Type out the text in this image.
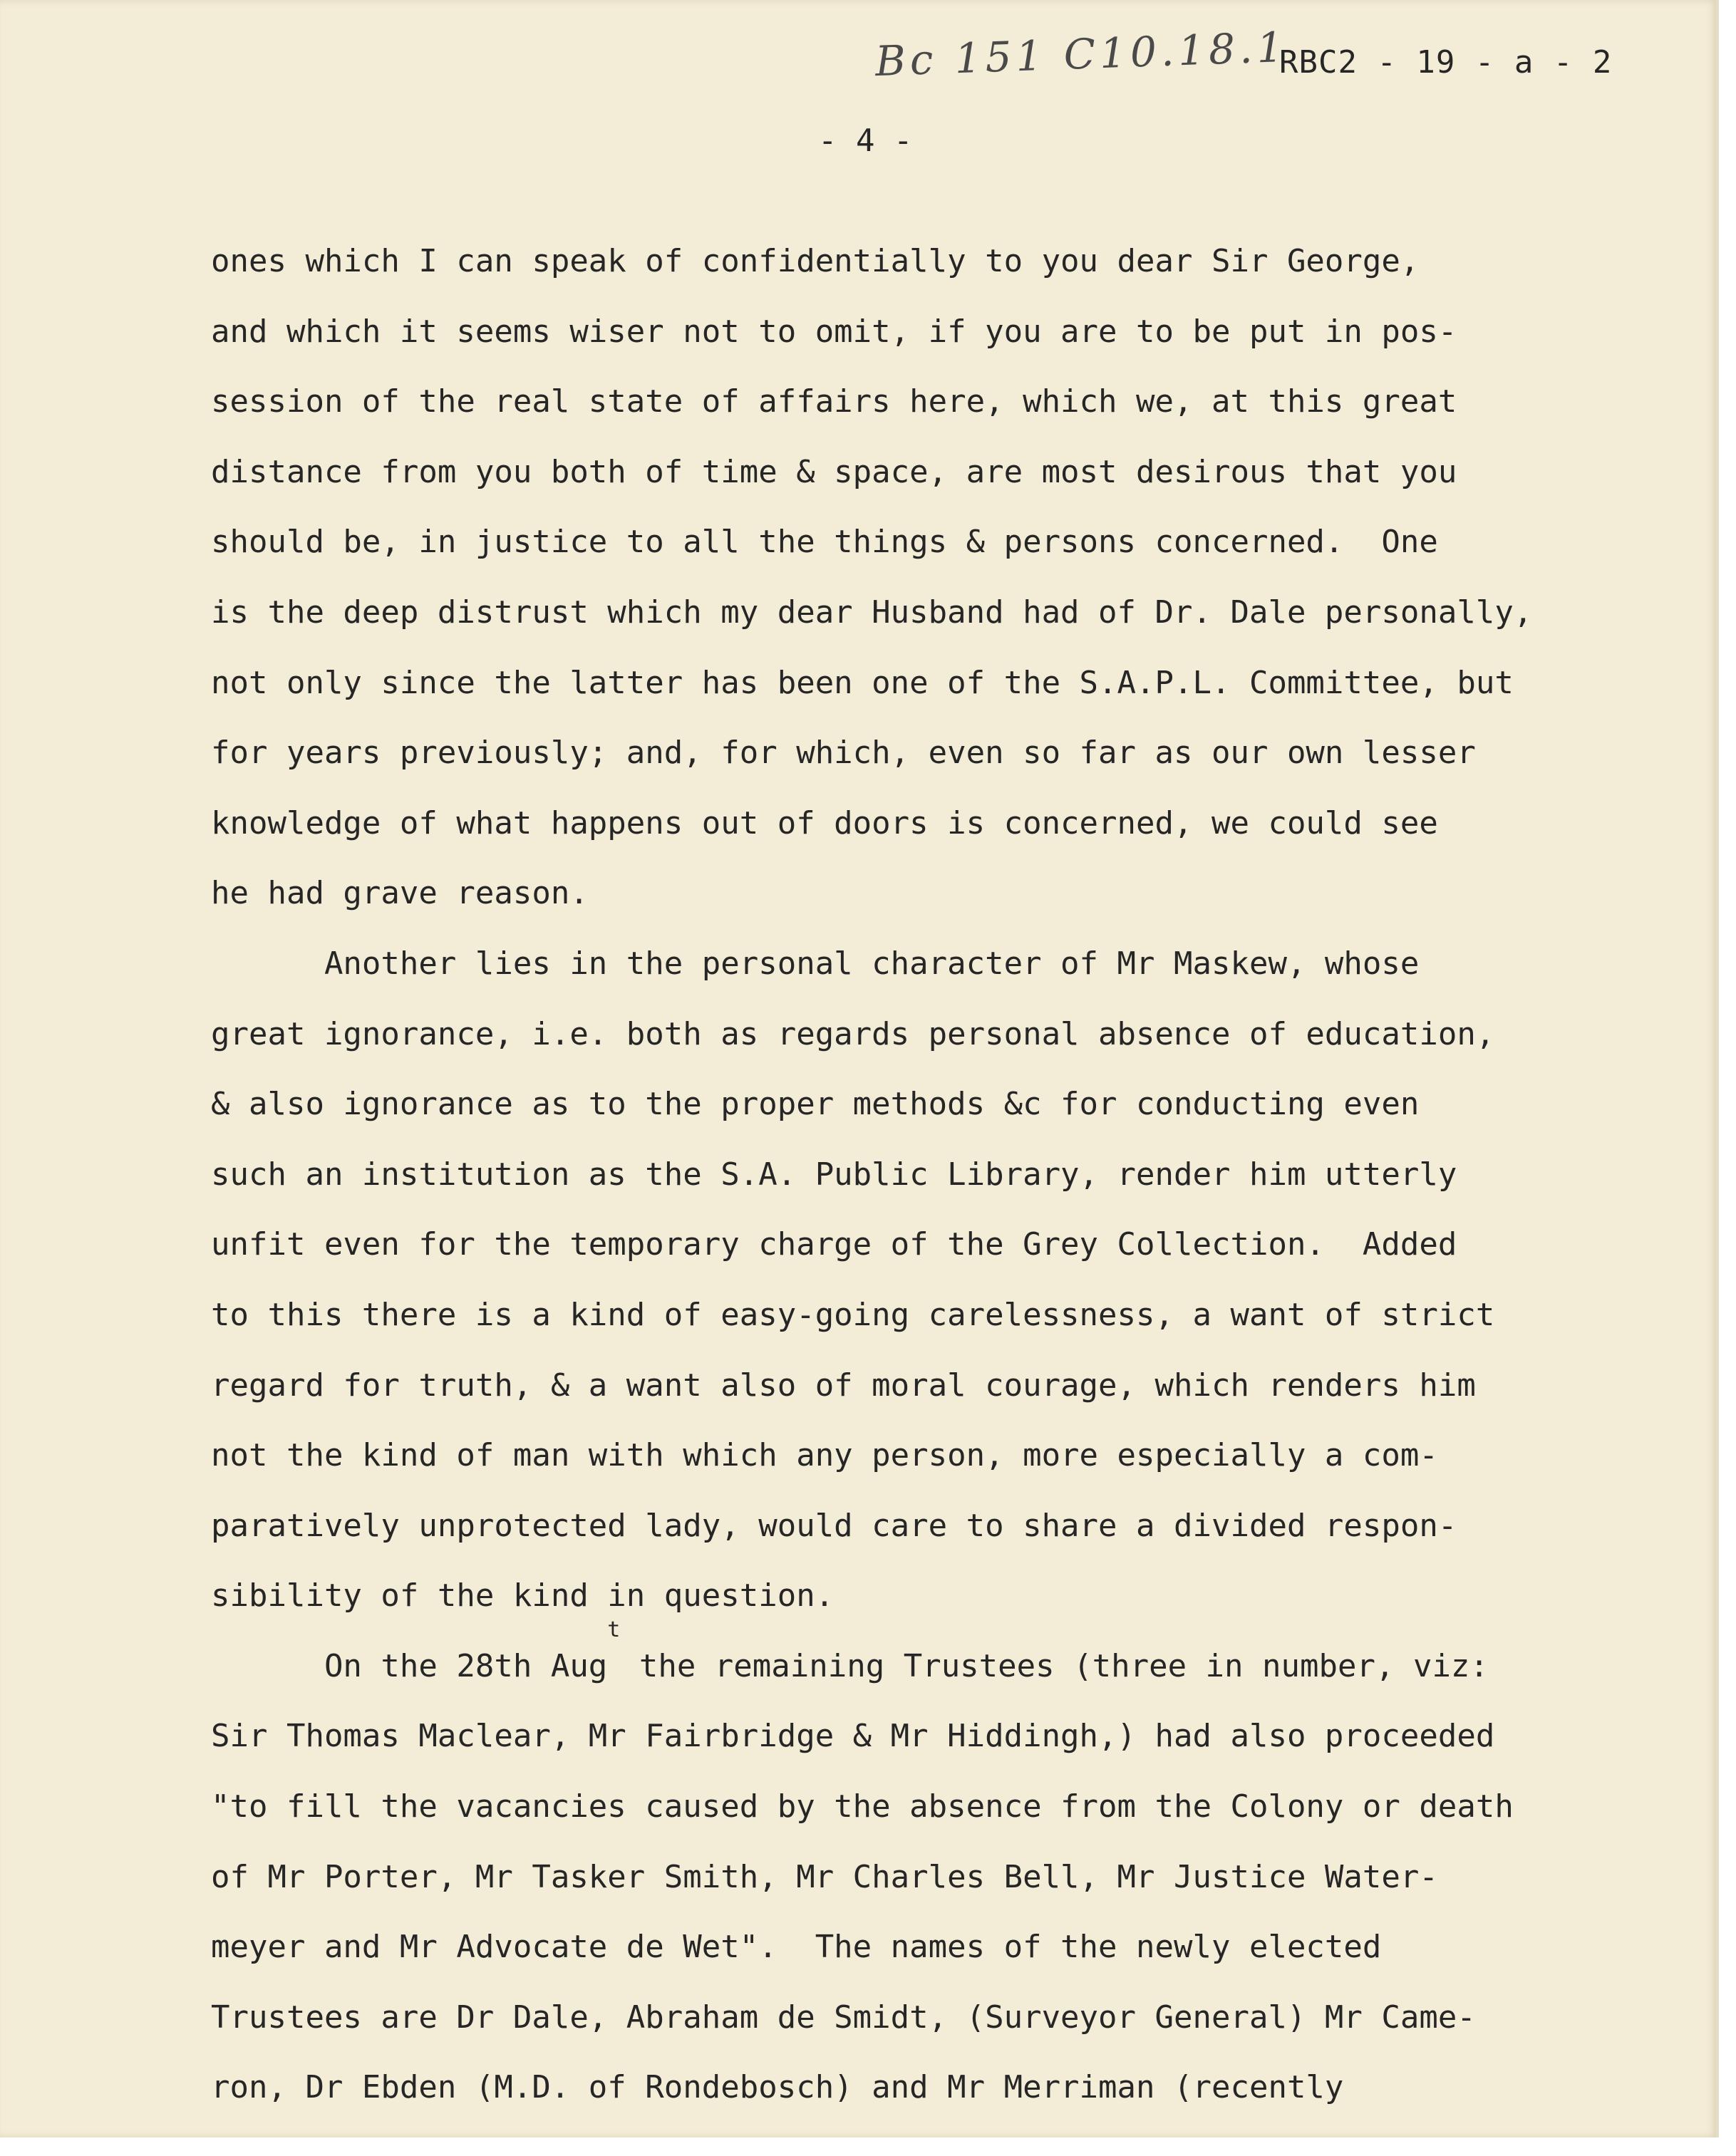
Bc 151 C10.18.1
RBC2 - 19 - a - 2
- 4 -
ones which I can speak of confidentially to you dear Sir George,
and which it seems wiser not to omit, if you are to be put in pos-
session of the real state of affairs here, which we, at this great
distance from you both of time & space, are most desirous that you
should be, in justice to all the things & persons concerned.  One
is the deep distrust which my dear Husband had of Dr. Dale personally,
not only since the latter has been one of the S.A.P.L. Committee, but
for years previously; and, for which, even so far as our own lesser
knowledge of what happens out of doors is concerned, we could see
he had grave reason.
Another lies in the personal character of Mr Maskew, whose
great ignorance, i.e. both as regards personal absence of education,
& also ignorance as to the proper methods &c for conducting even
such an institution as the S.A. Public Library, render him utterly
unfit even for the temporary charge of the Grey Collection.  Added
to this there is a kind of easy-going carelessness, a want of strict
regard for truth, & a want also of moral courage, which renders him
not the kind of man with which any person, more especially a com-
paratively unprotected lady, would care to share a divided respon-
sibility of the kind in question.
On the 28th Aug$^t$ the remaining Trustees (three in number, viz:
Sir Thomas Maclear, Mr Fairbridge & Mr Hiddingh,) had also proceeded
"to fill the vacancies caused by the absence from the Colony or death
of Mr Porter, Mr Tasker Smith, Mr Charles Bell, Mr Justice Water-
meyer and Mr Advocate de Wet".  The names of the newly elected
Trustees are Dr Dale, Abraham de Smidt, (Surveyor General) Mr Came-
ron, Dr Ebden (M.D. of Rondebosch) and Mr Merriman (recently
